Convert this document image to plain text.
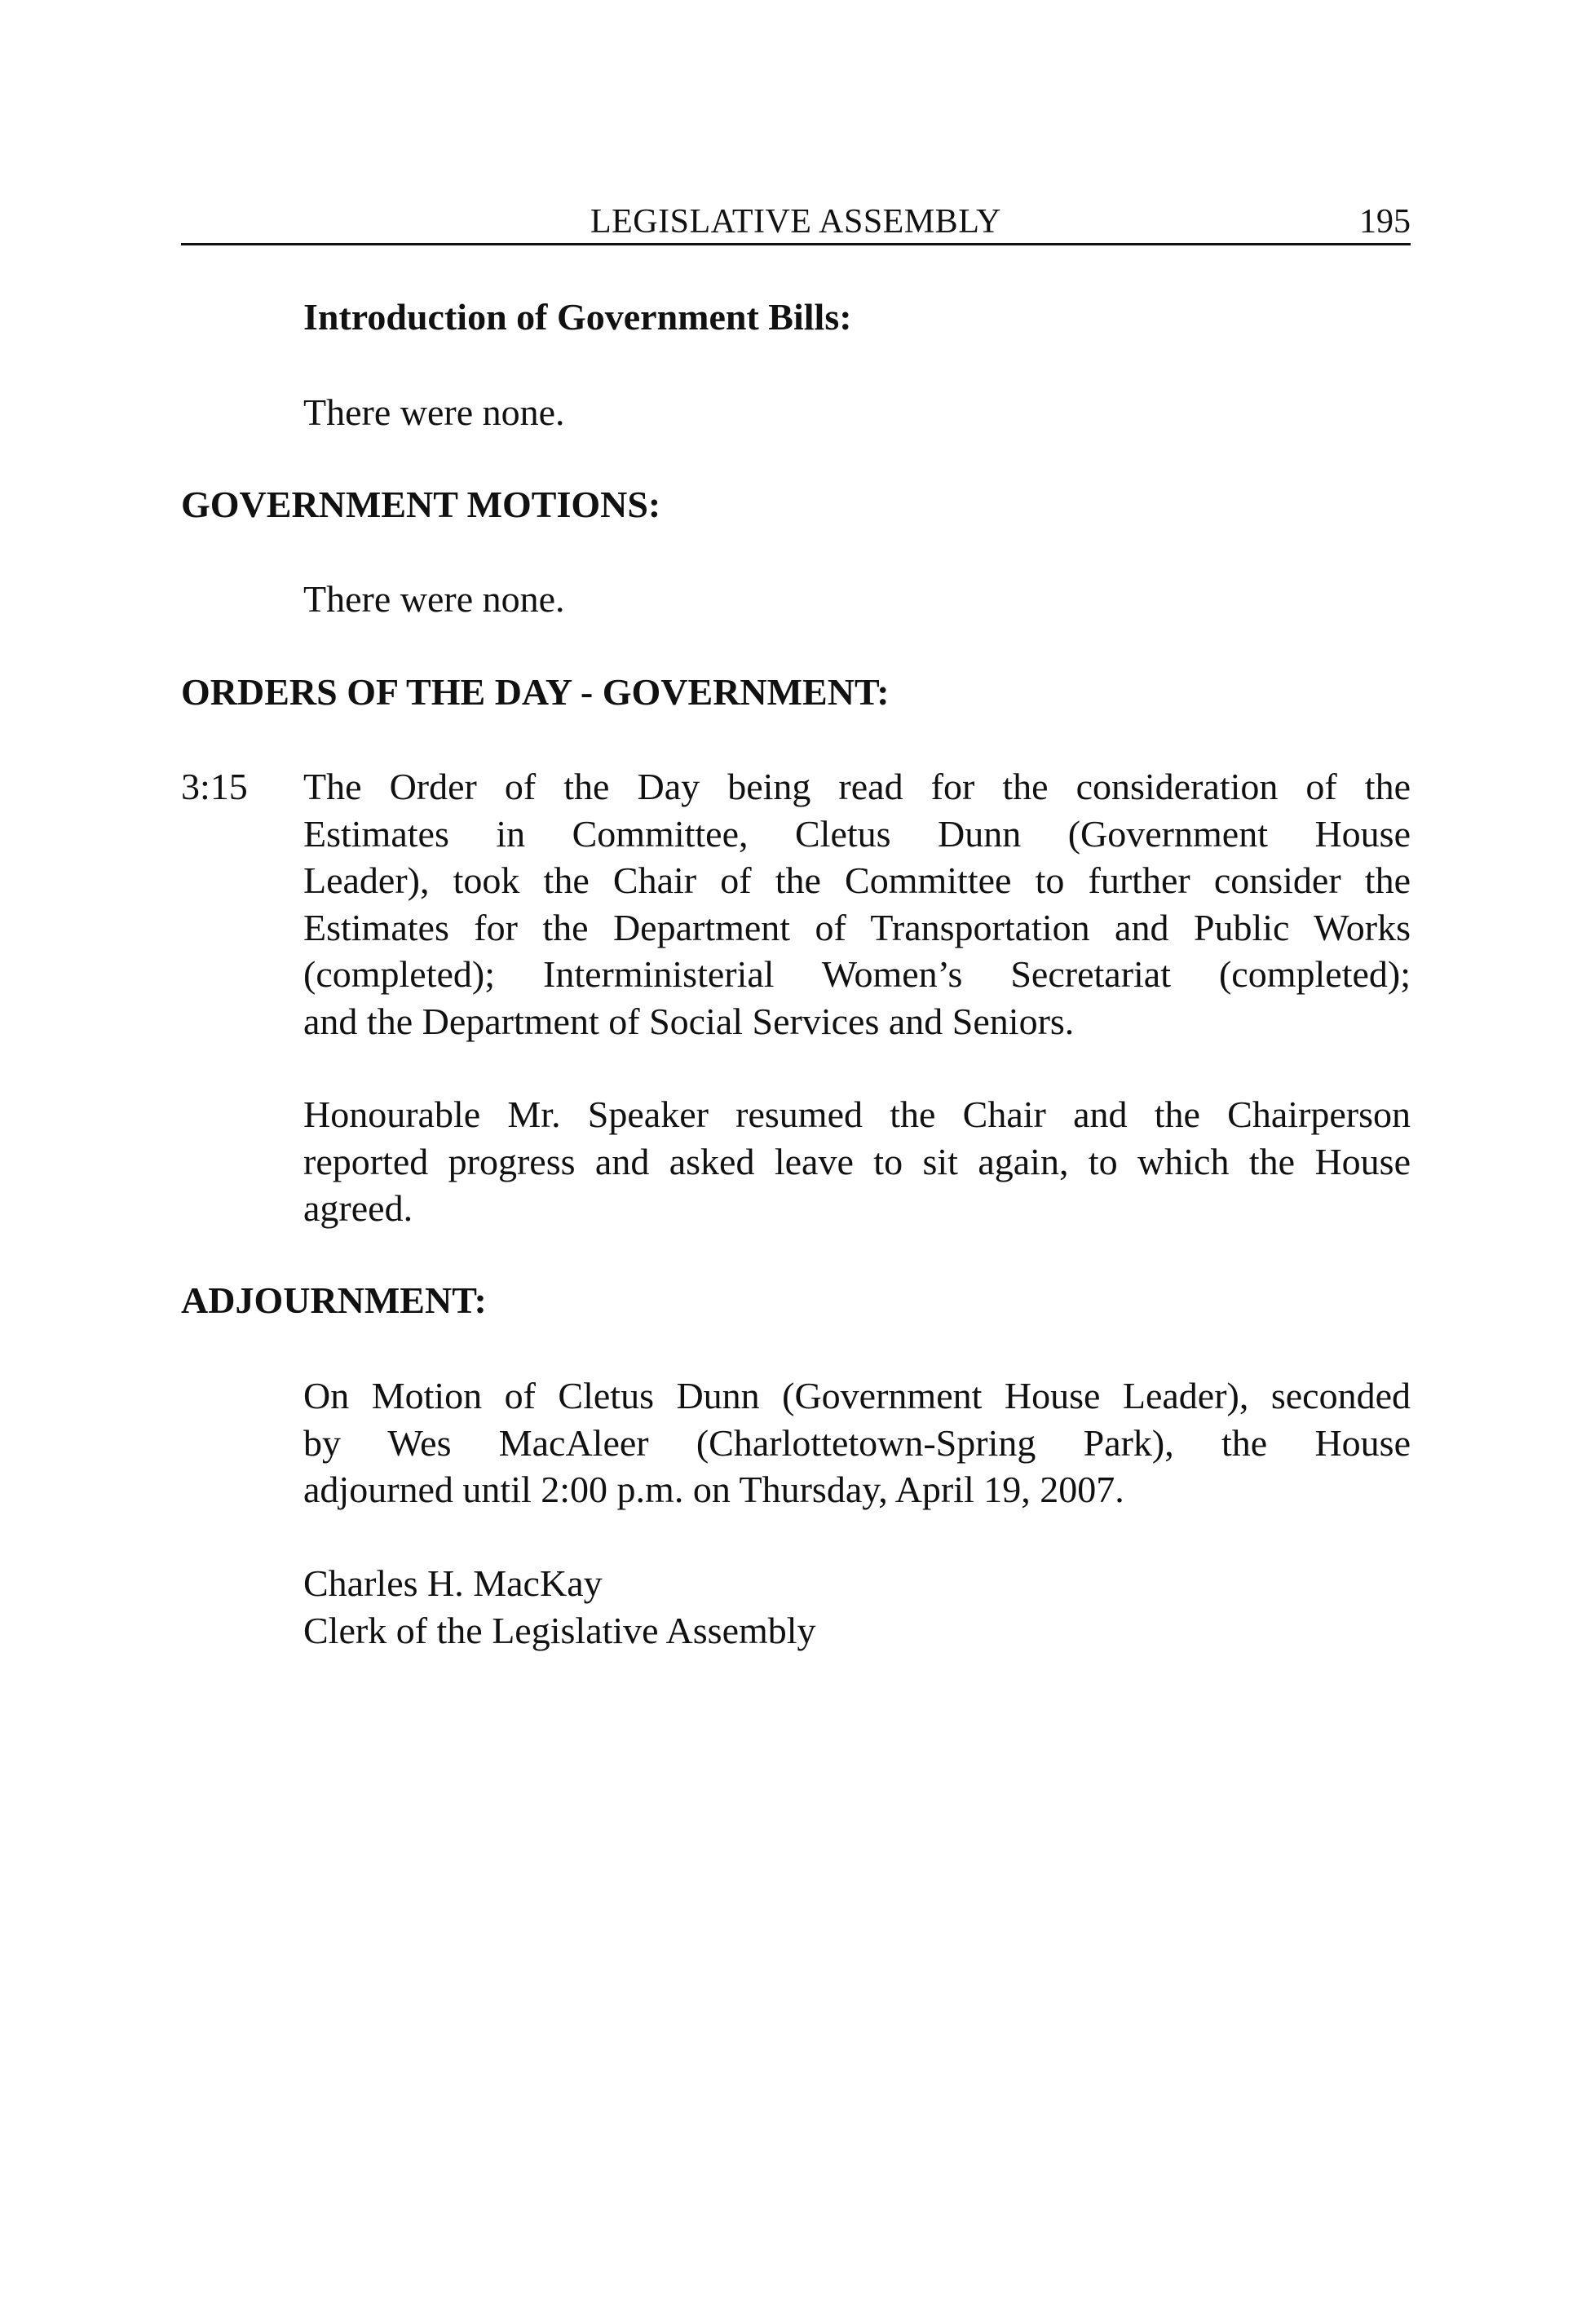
LEGISLATIVE ASSEMBLY	195
Introduction of Government Bills:
There were none.
GOVERNMENT MOTIONS:
There were none.
ORDERS OF THE DAY - GOVERNMENT:
3:15 The Order of the Day being read for the consideration of the
Estimates in Committee, Cletus Dunn (Government House
Leader), took the Chair of the Committee to further consider the
Estimates for the Department of Transportation and Public Works
(completed); Interministerial Women’s Secretariat (completed);
and the Department of Social Services and Seniors.
Honourable Mr. Speaker resumed the Chair and the Chairperson
reported progress and asked leave to sit again, to which the House
agreed.
ADJOURNMENT:
On Motion of Cletus Dunn (Government House Leader), seconded
by Wes MacAleer (Charlottetown-Spring Park), the House
adjourned until 2:00 p.m. on Thursday, April 19, 2007.
Charles H. MacKay
Clerk of the Legislative Assembly
